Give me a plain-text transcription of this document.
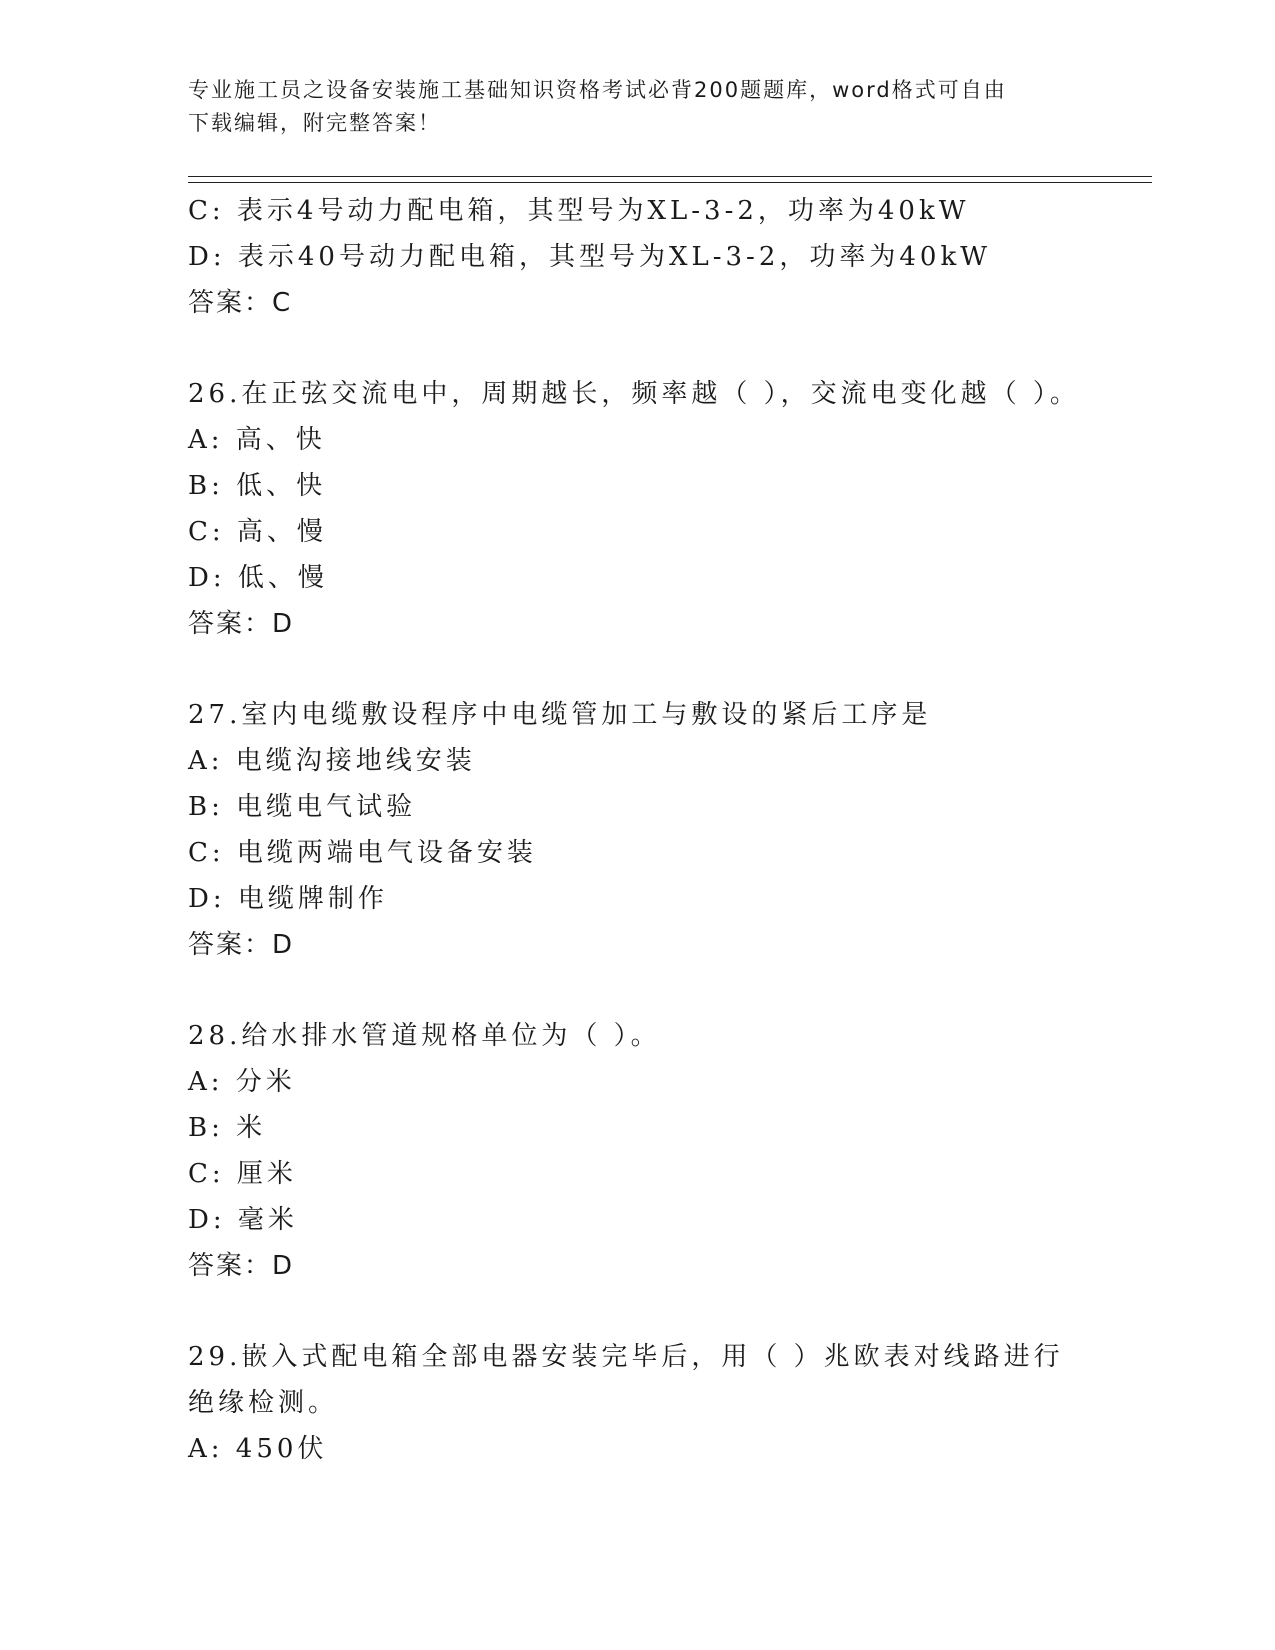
专业施工员之设备安装施工基础知识资格考试必背200题题库，word格式可自由
下载编辑，附完整答案！
C: 表示4号动力配电箱，其型号为XL-3-2，功率为40kW
D: 表示40号动力配电箱，其型号为XL-3-2，功率为40kW
答案：C
26.在正弦交流电中，周期越长，频率越（ ），交流电变化越（ ）。
A: 高、快
B: 低、快
C: 高、慢
D: 低、慢
答案：D
27.室内电缆敷设程序中电缆管加工与敷设的紧后工序是
A: 电缆沟接地线安装
B: 电缆电气试验
C: 电缆两端电气设备安装
D: 电缆牌制作
答案：D
28.给水排水管道规格单位为（ ）。
A: 分米
B: 米
C: 厘米
D: 毫米
答案：D
29.嵌入式配电箱全部电器安装完毕后，用（ ）兆欧表对线路进行绝缘检测。
A: 450伏
